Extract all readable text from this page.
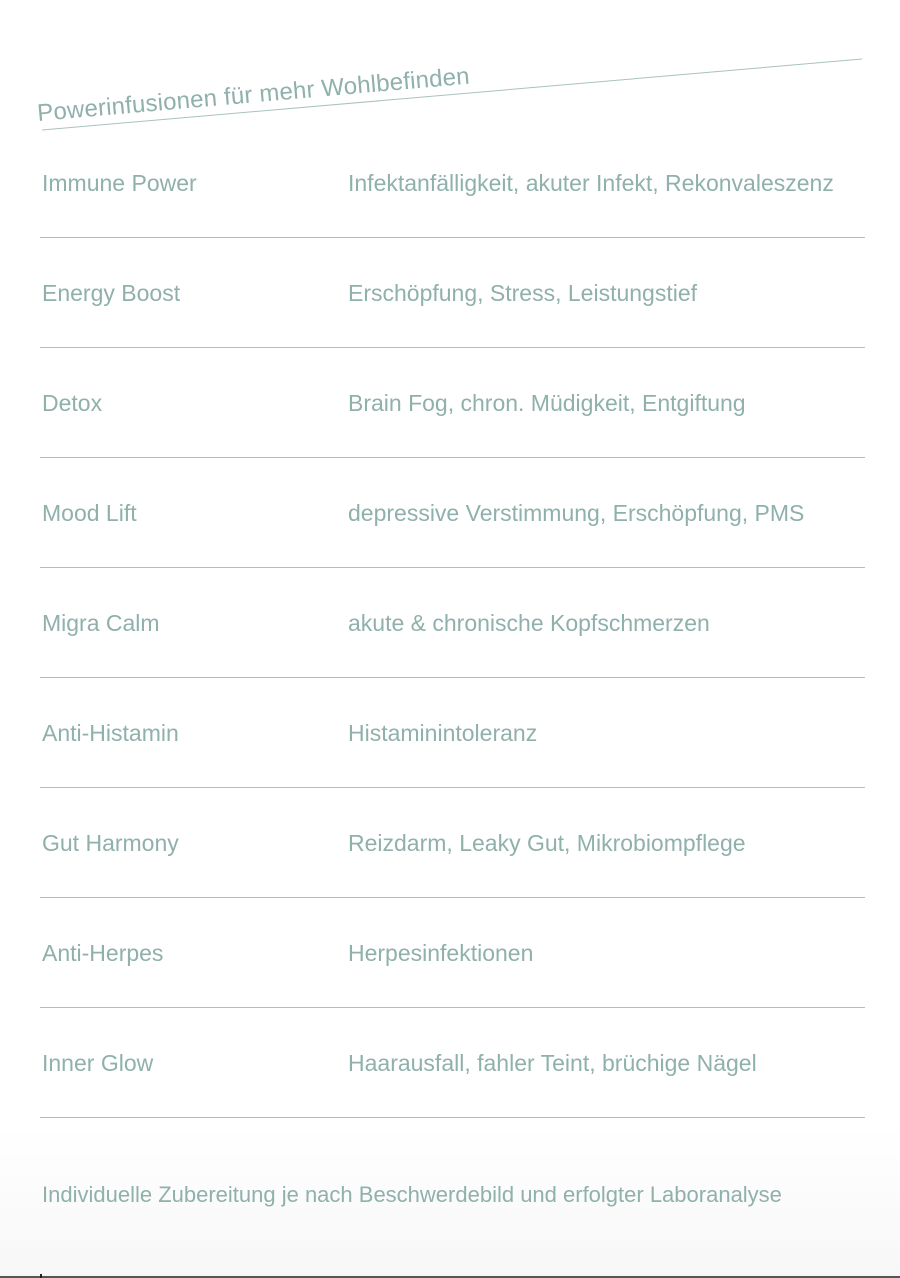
Powerinfusionen für mehr Wohlbefinden
Immune Power	Infektanfälligkeit, akuter Infekt, Rekonvaleszenz
Energy Boost	Erschöpfung, Stress, Leistungstief
Detox	Brain Fog, chron. Müdigkeit, Entgiftung
Mood Lift	depressive Verstimmung, Erschöpfung, PMS
Migra Calm	akute & chronische Kopfschmerzen
Anti-Histamin	Histaminintoleranz
Gut Harmony	Reizdarm, Leaky Gut, Mikrobiompflege
Anti-Herpes	Herpesinfektionen
Inner Glow	Haarausfall, fahler Teint, brüchige Nägel
Individuelle Zubereitung je nach Beschwerdebild und erfolgter Laboranalyse
